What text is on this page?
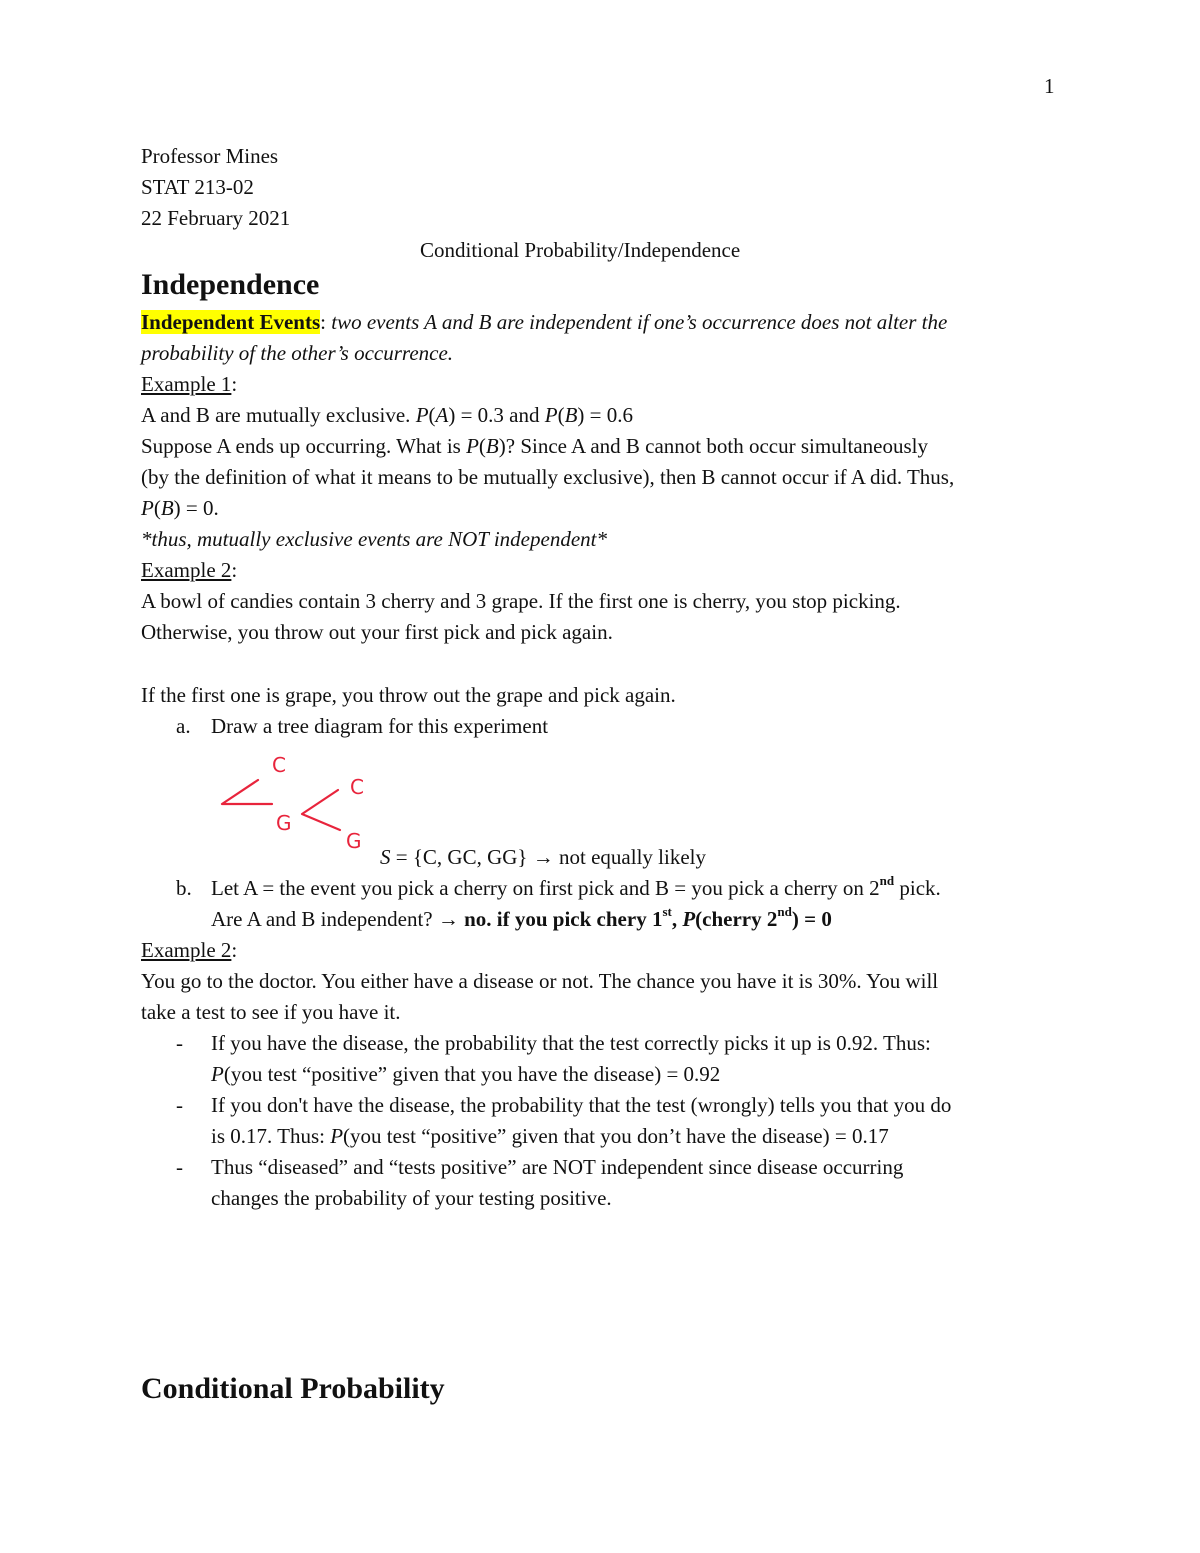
1
Professor Mines
STAT 213-02
22 February 2021
Conditional Probability/Independence
Independence
Independent Events: two events A and B are independent if one’s occurrence does not alter the
probability of the other’s occurrence.
Example 1:
A and B are mutually exclusive. P(A) = 0.3 and P(B) = 0.6
Suppose A ends up occurring. What is P(B)? Since A and B cannot both occur simultaneously
(by the definition of what it means to be mutually exclusive), then B cannot occur if A did. Thus,
P(B) = 0.
*thus, mutually exclusive events are NOT independent*
Example 2:
A bowl of candies contain 3 cherry and 3 grape. If the first one is cherry, you stop picking.
Otherwise, you throw out your first pick and pick again.
If the first one is grape, you throw out the grape and pick again.
a. Draw a tree diagram for this experiment
C
G
C
G
S = {C, GC, GG} → not equally likely
b. Let A = the event you pick a cherry on first pick and B = you pick a cherry on 2nd pick.
Are A and B independent? → no. if you pick chery 1st, P(cherry 2nd) = 0
Example 2:
You go to the doctor. You either have a disease or not. The chance you have it is 30%. You will
take a test to see if you have it.
- If you have the disease, the probability that the test correctly picks it up is 0.92. Thus:
P(you test “positive” given that you have the disease) = 0.92
- If you don't have the disease, the probability that the test (wrongly) tells you that you do
is 0.17. Thus: P(you test “positive” given that you don’t have the disease) = 0.17
- Thus “diseased” and “tests positive” are NOT independent since disease occurring
changes the probability of your testing positive.
Conditional Probability
